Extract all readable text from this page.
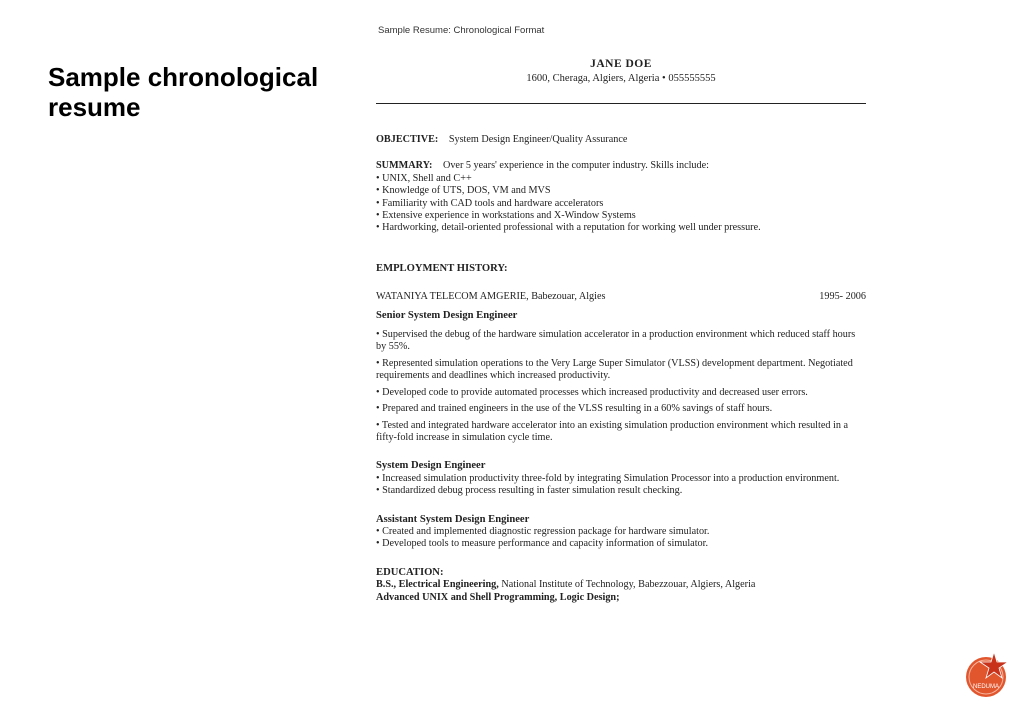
Sample chronological resume
Sample Resume: Chronological Format
JANE DOE
1600, Cheraga, Algiers, Algeria • 055555555
OBJECTIVE: System Design Engineer/Quality Assurance
SUMMARY: Over 5 years' experience in the computer industry. Skills include:
• UNIX, Shell and C++
• Knowledge of UTS, DOS, VM and MVS
• Familiarity with CAD tools and hardware accelerators
• Extensive experience in workstations and X-Window Systems
• Hardworking, detail-oriented professional with a reputation for working well under pressure.
EMPLOYMENT HISTORY:
WATANIYA TELECOM AMGERIE, Babezouar, Algies	1995- 2006
Senior System Design Engineer
• Supervised the debug of the hardware simulation accelerator in a production environment which reduced staff hours by 55%.
• Represented simulation operations to the Very Large Super Simulator (VLSS) development department. Negotiated requirements and deadlines which increased productivity.
• Developed code to provide automated processes which increased productivity and decreased user errors.
• Prepared and trained engineers in the use of the VLSS resulting in a 60% savings of staff hours.
• Tested and integrated hardware accelerator into an existing simulation production environment which resulted in a fifty-fold increase in simulation cycle time.
System Design Engineer
• Increased simulation productivity three-fold by integrating Simulation Processor into a production environment.
• Standardized debug process resulting in faster simulation result checking.
Assistant System Design Engineer
• Created and implemented diagnostic regression package for hardware simulator.
• Developed tools to measure performance and capacity information of simulator.
EDUCATION:
B.S., Electrical Engineering, National Institute of Technology, Babezzouar, Algiers, Algeria
Advanced UNIX and Shell Programming, Logic Design;
NEDUMA
